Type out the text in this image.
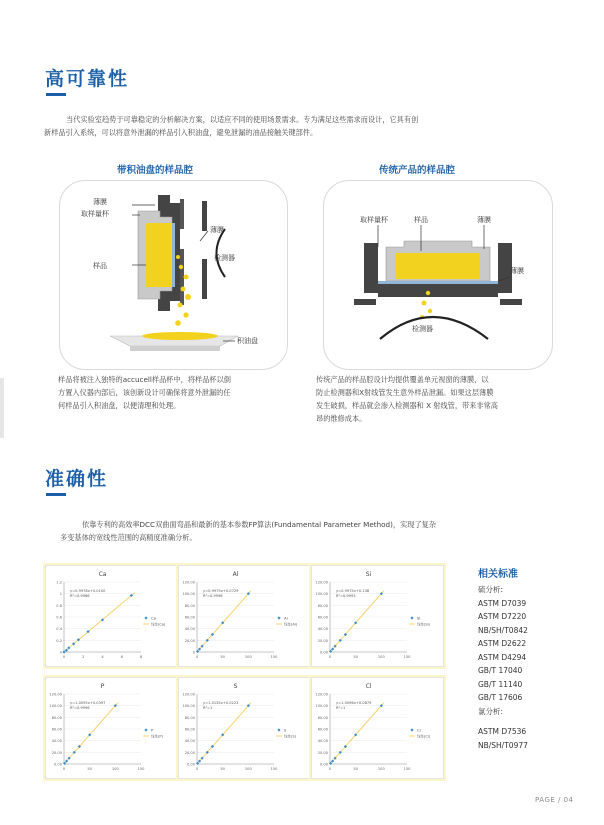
高可靠性
当代实验室趋势于可靠稳定的分析解决方案，以适应不同的使用场景需求。专为满足这些需求而设计，它具有创
新样品引入系统，可以将意外泄漏的样品引入积油盘，避免泄漏的油品接触关键部件。
带积油盘的样品腔
薄膜
取样量杯
样品
薄膜
检测器
积油盘
样品将被注入独特的accucell样品杯中，将样品杯以倒
方置入仪器内部后，该创新设计可确保将意外泄漏的任
何样品引入积油盘，以便清理和处理。
传统产品的样品腔
取样量杯	样品	薄膜
薄膜
检测器
传统产品的样品腔设计均提供覆盖单元视窗的薄膜，以
防止检测器和X射线管发生意外样品泄漏。如果这层薄膜
发生破损，样品就会渗入检测器和 X 射线管，带来非常高
昂的维修成本。
准确性
依靠专利的高效率DCC双曲面弯晶和最新的基本参数FP算法(Fundamental Parameter Method)，实现了复杂
多变基体的宽线性范围的高精度准确分析。
Ca
0
0.2
0.4
0.6
0.8
1
1.2
0	2	4	6	8
y=0.9978x+0.0100
R²=0.9986
Ca
线性(Ca)
Al
0
20.00
40.00
60.00
80.00
100.00
120.00
0	50	100	150
y=0.9979x+0.0729
R²=0.9996
Al
线性(Al)
Si
0.00
20.00
40.00
60.00
80.00
100.00
120.00
0	50	100	150
y=0.9975x+0.138
R²=0.9993
Si
线性(Si)
P
0.00
20.00
40.00
60.00
80.00
100.00
120.00
0	50	100	150
y=1.0095x+0.0397
R²=0.9996
P
线性(P)
S
0.00
20.00
40.00
60.00
80.00
100.00
120.00
0	50	100	150
y=1.0135x+0.0223
R²=1
S
线性(S)
Cl
0.00
20.00
40.00
60.00
80.00
100.00
120.00
0	50	100	150
y=1.0096x+0.0879
R²=1
Cl
线性(Cl)
相关标准
硫分析:
ASTM D7039
ASTM D7220
NB/SH/T0842
ASTM D2622
ASTM D4294
GB/T 17040
GB/T 11140
GB/T 17606
氯分析:
ASTM D7536
NB/SH/T0977
PAGE / 04
